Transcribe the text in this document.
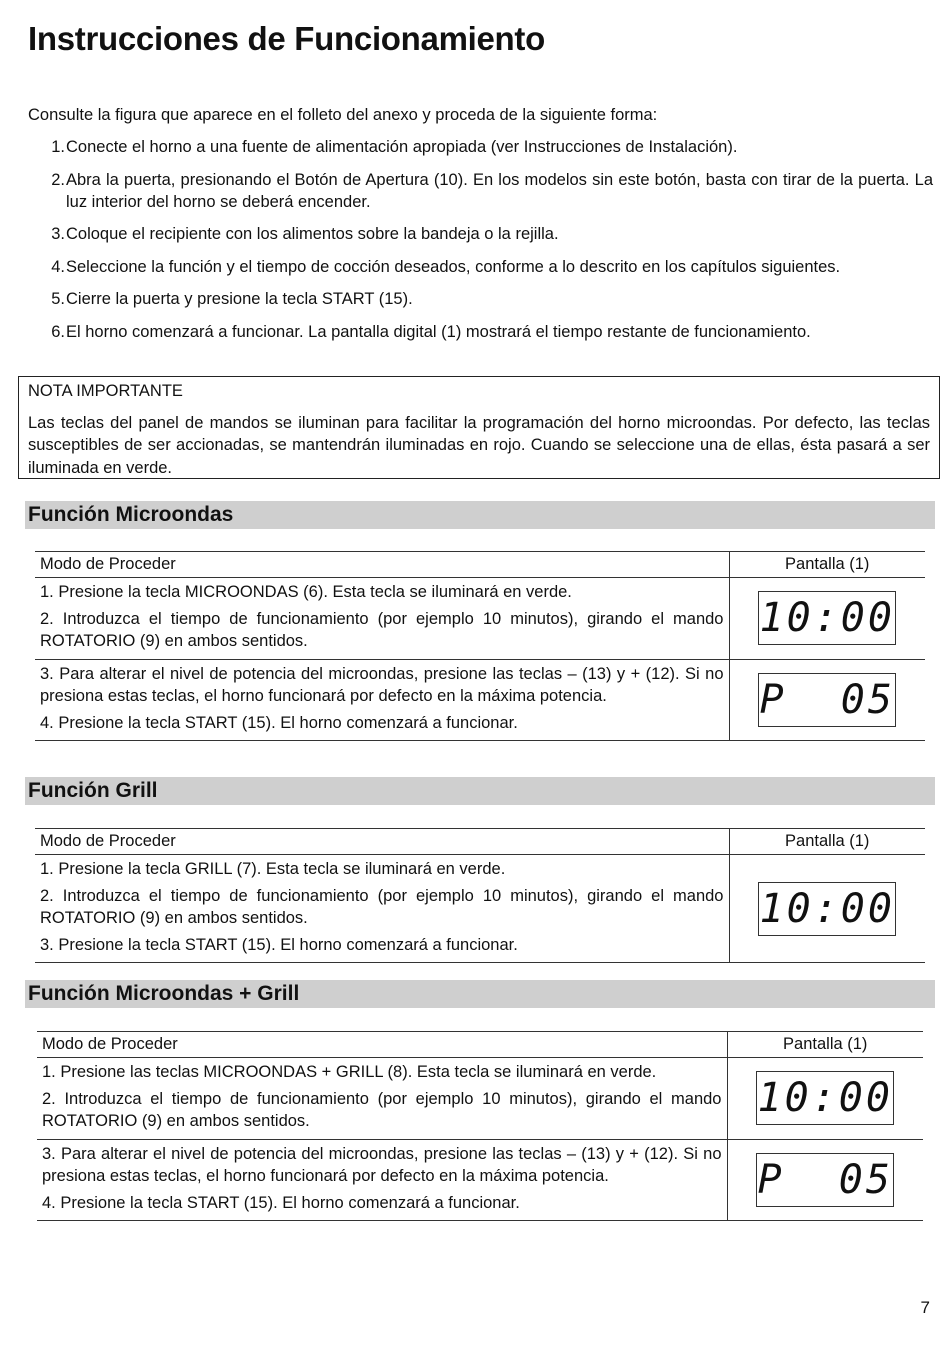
Instrucciones de Funcionamiento
Consulte la figura que aparece en el folleto del anexo y proceda de la siguiente forma:
1. Conecte el horno a una fuente de alimentación apropiada (ver Instrucciones de Instalación).
2. Abra la puerta, presionando el Botón de Apertura (10). En los modelos sin este botón, basta con tirar de la puerta. La luz interior del horno se deberá encender.
3. Coloque el recipiente con los alimentos sobre la bandeja o la rejilla.
4. Seleccione la función y el tiempo de cocción deseados, conforme a lo descrito en los capítulos siguientes.
5. Cierre la puerta y presione la tecla START (15).
6. El horno comenzará a funcionar. La pantalla digital (1) mostrará el tiempo restante de funcionamiento.
NOTA IMPORTANTE
Las teclas del panel de mandos se iluminan para facilitar la programación del horno microondas. Por defecto, las teclas susceptibles de ser accionadas, se mantendrán iluminadas en rojo. Cuando se seleccione una de ellas, ésta pasará a ser iluminada en verde.
Función Microondas
Modo de Proceder	Pantalla (1)

1. Presione la tecla MICROONDAS (6). Esta tecla se iluminará en verde.
2. Introduzca el tiempo de funcionamiento (por ejemplo 10 minutos), girando el mando ROTATORIO (9) en ambos sentidos.	10:00

3. Para alterar el nivel de potencia del microondas, presione las teclas – (13) y + (12). Si no presiona estas teclas, el horno funcionará por defecto en la máxima potencia.
4. Presione la tecla START (15). El horno comenzará a funcionar.	P  05
Función Grill
Modo de Proceder	Pantalla (1)

1. Presione la tecla GRILL (7). Esta tecla se iluminará en verde.
2. Introduzca el tiempo de funcionamiento (por ejemplo 10 minutos), girando el mando ROTATORIO (9) en ambos sentidos.
3. Presione la tecla START (15). El horno comenzará a funcionar.	10:00
Función Microondas + Grill
Modo de Proceder	Pantalla (1)

1. Presione las teclas MICROONDAS + GRILL (8). Esta tecla se iluminará en verde.
2. Introduzca el tiempo de funcionamiento (por ejemplo 10 minutos), girando el mando ROTATORIO (9) en ambos sentidos.	10:00

3. Para alterar el nivel de potencia del microondas, presione las teclas – (13) y + (12). Si no presiona estas teclas, el horno funcionará por defecto en la máxima potencia.
4. Presione la tecla START (15). El horno comenzará a funcionar.	P  05
7
